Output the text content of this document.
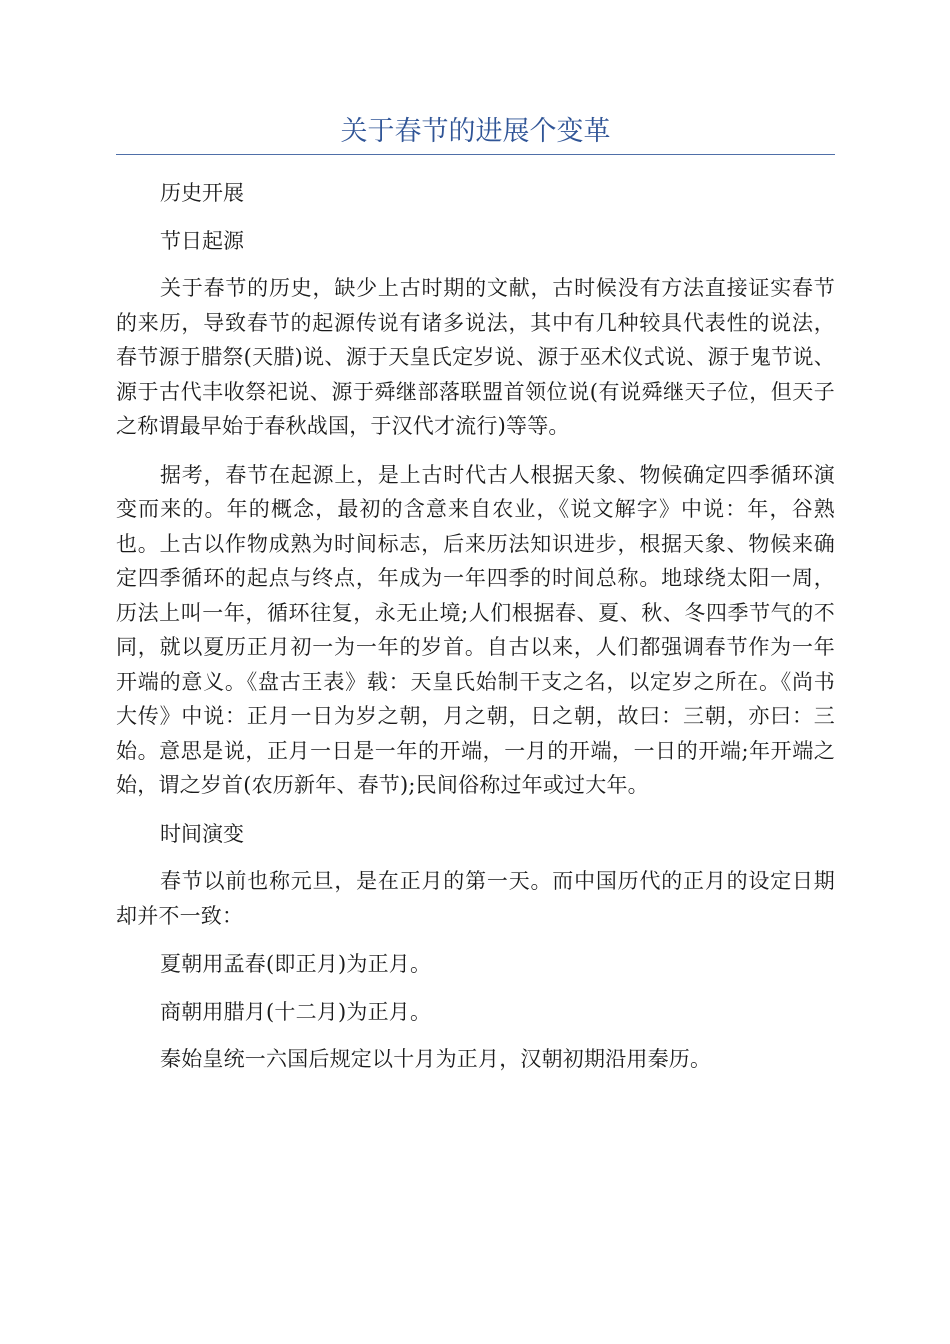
关于春节的进展个变革
历史开展
节日起源
关于春节的历史，缺少上古时期的文献，古时候没有方法直接证实春节的来历，导致春节的起源传说有诸多说法，其中有几种较具代表性的说法，春节源于腊祭(天腊)说、源于天皇氏定岁说、源于巫术仪式说、源于鬼节说、源于古代丰收祭祀说、源于舜继部落联盟首领位说(有说舜继天子位，但天子之称谓最早始于春秋战国，于汉代才流行)等等。
据考，春节在起源上，是上古时代古人根据天象、物候确定四季循环演变而来的。年的概念，最初的含意来自农业，《说文解字》中说：年，谷熟也。上古以作物成熟为时间标志，后来历法知识进步，根据天象、物候来确定四季循环的起点与终点，年成为一年四季的时间总称。地球绕太阳一周，历法上叫一年，循环往复，永无止境;人们根据春、夏、秋、冬四季节气的不同，就以夏历正月初一为一年的岁首。自古以来，人们都强调春节作为一年开端的意义。《盘古王表》载：天皇氏始制干支之名，以定岁之所在。《尚书大传》中说：正月一日为岁之朝，月之朝，日之朝，故曰：三朝，亦曰：三始。意思是说，正月一日是一年的开端，一月的开端，一日的开端;年开端之始，谓之岁首(农历新年、春节);民间俗称过年或过大年。
时间演变
春节以前也称元旦，是在正月的第一天。而中国历代的正月的设定日期却并不一致：
夏朝用孟春(即正月)为正月。
商朝用腊月(十二月)为正月。
秦始皇统一六国后规定以十月为正月，汉朝初期沿用秦历。
